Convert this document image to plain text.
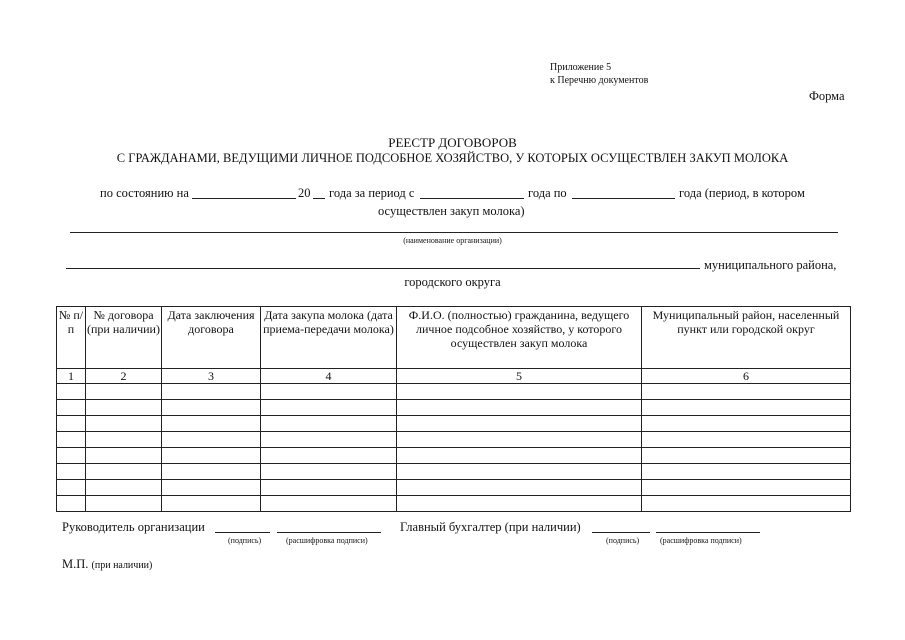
Приложение 5
к Перечню документов
Форма
РЕЕСТР ДОГОВОРОВ
С ГРАЖДАНАМИ, ВЕДУЩИМИ ЛИЧНОЕ ПОДСОБНОЕ ХОЗЯЙСТВО, У КОТОРЫХ ОСУЩЕСТВЛЕН ЗАКУП МОЛОКА
по состоянию на	20 года за период с	года по	года (период, в котором
осуществлен закуп молока)
(наименование организации)
муниципального района,
городского округа
№ п/п	№ договора (при наличии)	Дата заключения договора	Дата закупа молока (дата приема-передачи молока)	Ф.И.О. (полностью) гражданина, ведущего личное подсобное хозяйство, у которого осуществлен закуп молока	Муниципальный район, населенный пункт или городской округ
1	2	3	4	5	6

Руководитель организации
(подпись)	(расшифровка подписи)
Главный бухгалтер (при наличии)
(подпись)	(расшифровка подписи)
М.П. (при наличии)
